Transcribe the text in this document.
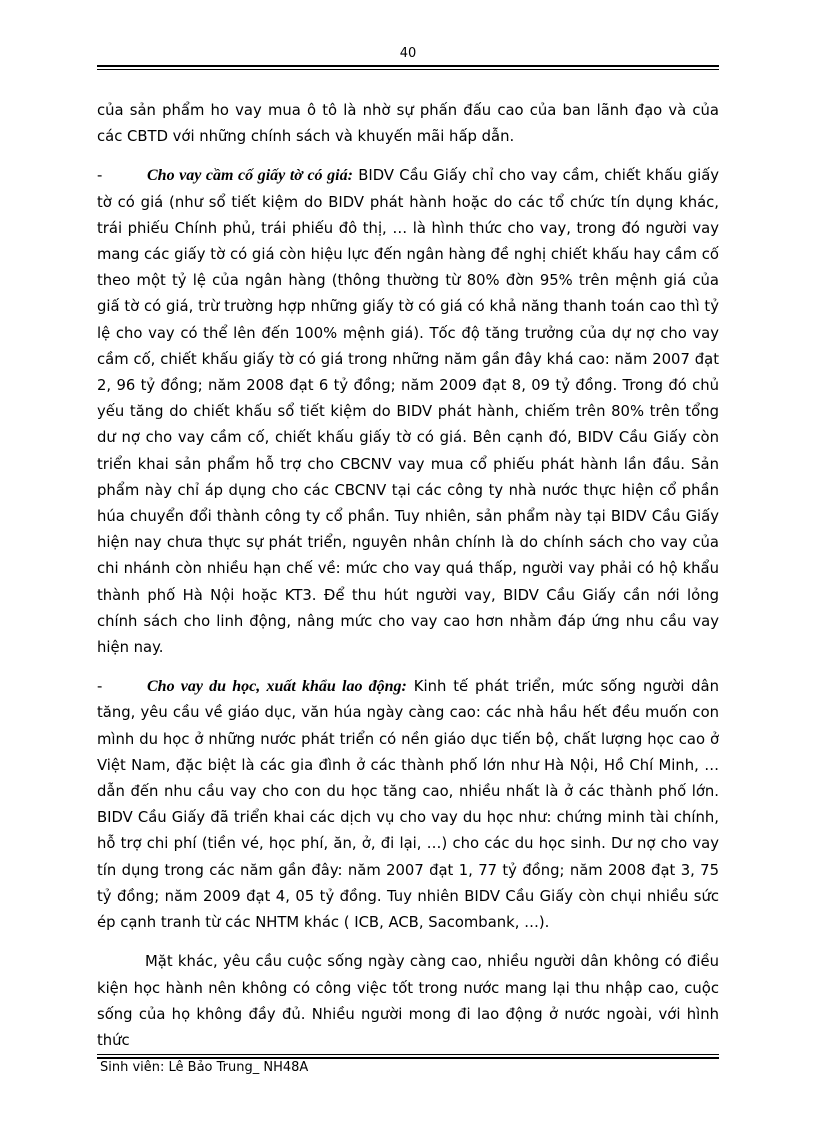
40

của sản phẩm ho vay mua ô tô là nhờ sự phấn đấu cao của ban lãnh đạo và của các CBTD với những chính sách và khuyến mãi hấp dẫn.

-	Cho vay cầm cố giấy tờ có giá: BIDV Cầu Giấy chỉ cho vay cầm, chiết khấu giấy tờ có giá (như sổ tiết kiệm do BIDV phát hành hoặc do các tổ chức tín dụng khác, trái phiếu Chính phủ, trái phiếu đô thị, … là hình thức cho vay, trong đó người vay mang các giấy tờ có giá còn hiệu lực đến ngân hàng đề nghị chiết khấu hay cầm cố theo một tỷ lệ của ngân hàng (thông thường từ 80% đờn 95% trên mệnh giá của giấ tờ có giá, trừ trường hợp những giấy tờ có giá có khả năng thanh toán cao thì tỷ lệ cho vay có thể lên đến 100% mệnh giá). Tốc độ tăng trưởng của dự nợ cho vay cầm cố, chiết khấu giấy tờ có giá trong những năm gần đây khá cao: năm 2007 đạt 2, 96 tỷ đồng; năm 2008 đạt 6 tỷ đồng; năm 2009 đạt 8, 09 tỷ đồng. Trong đó chủ yếu tăng do chiết khấu sổ tiết kiệm do BIDV phát hành, chiếm trên 80% trên tổng dư nợ cho vay cầm cố, chiết khấu giấy tờ có giá. Bên cạnh đó, BIDV Cầu Giấy còn triển khai sản phẩm hỗ trợ cho CBCNV vay mua cổ phiếu phát hành lần đầu. Sản phẩm này chỉ áp dụng cho các CBCNV tại các công ty nhà nước thực hiện cổ phần húa chuyển đổi thành công ty cổ phần. Tuy nhiên, sản phẩm này tại BIDV Cầu Giấy hiện nay chưa thực sự phát triển, nguyên nhân chính là do chính sách cho vay của chi nhánh còn nhiều hạn chế về: mức cho vay quá thấp, người vay phải có hộ khẩu thành phố Hà Nội hoặc KT3. Để thu hút người vay, BIDV Cầu Giấy cần nới lỏng chính sách cho linh động, nâng mức cho vay cao hơn nhằm đáp ứng nhu cầu vay hiện nay.

-	Cho vay du học, xuất khẩu lao động: Kinh tế phát triển, mức sống người dân tăng, yêu cầu về giáo dục, văn húa ngày càng cao: các nhà hầu hết đều muốn con mình du học ở những nước phát triển có nền giáo dục tiến bộ, chất lượng học cao ở Việt Nam, đặc biệt là các gia đình ở các thành phố lớn như Hà Nội, Hồ Chí Minh, … dẫn đến nhu cầu vay cho con du học tăng cao, nhiều nhất là ở các thành phố lớn. BIDV Cầu Giấy đã triển khai các dịch vụ cho vay du học như: chứng minh tài chính, hỗ trợ chi phí (tiền vé, học phí, ăn, ở, đi lại, …) cho các du học sinh. Dư nợ cho vay tín dụng trong các năm gần đây: năm 2007 đạt 1, 77 tỷ đồng; năm 2008 đạt 3, 75 tỷ đồng; năm 2009 đạt 4, 05 tỷ đồng. Tuy nhiên BIDV Cầu Giấy còn chụi nhiều sức ép cạnh tranh từ các NHTM khác ( ICB, ACB, Sacombank, …).

Mặt khác, yêu cầu cuộc sống ngày càng cao, nhiều người dân không có điều kiện học hành nên không có công việc tốt trong nước mang lại thu nhập cao, cuộc sống của họ không đầy đủ. Nhiều người mong đi lao động ở nước ngoài, với hình thức

Sinh viên: Lê Bảo Trung_ NH48A
